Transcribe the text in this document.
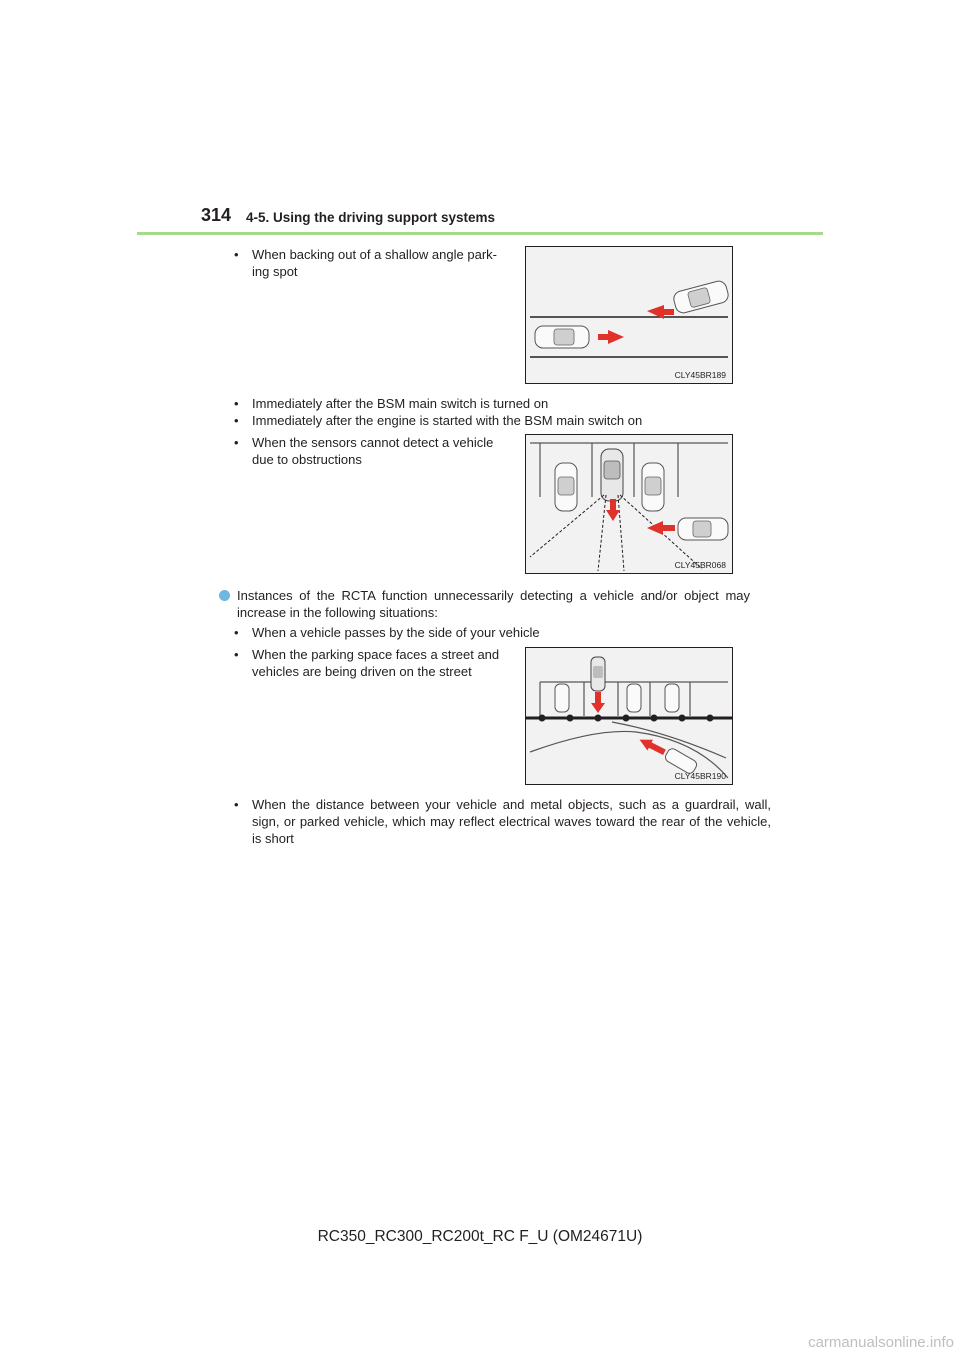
314 4-5. Using the driving support systems
• When backing out of a shallow angle park-
ing spot
CLY45BR189
• Immediately after the BSM main switch is turned on
• Immediately after the engine is started with the BSM main switch on
• When the sensors cannot detect a vehicle
due to obstructions
CLY45BR068
Instances of the RCTA function unnecessarily detecting a vehicle and/or object may increase in the following situations:
• When a vehicle passes by the side of your vehicle
• When the parking space faces a street and
vehicles are being driven on the street
CLY45BR190
• When the distance between your vehicle and metal objects, such as a guardrail, wall, sign, or parked vehicle, which may reflect electrical waves toward the rear of the vehicle, is short
RC350_RC300_RC200t_RC F_U (OM24671U)
carmanualsonline.info
